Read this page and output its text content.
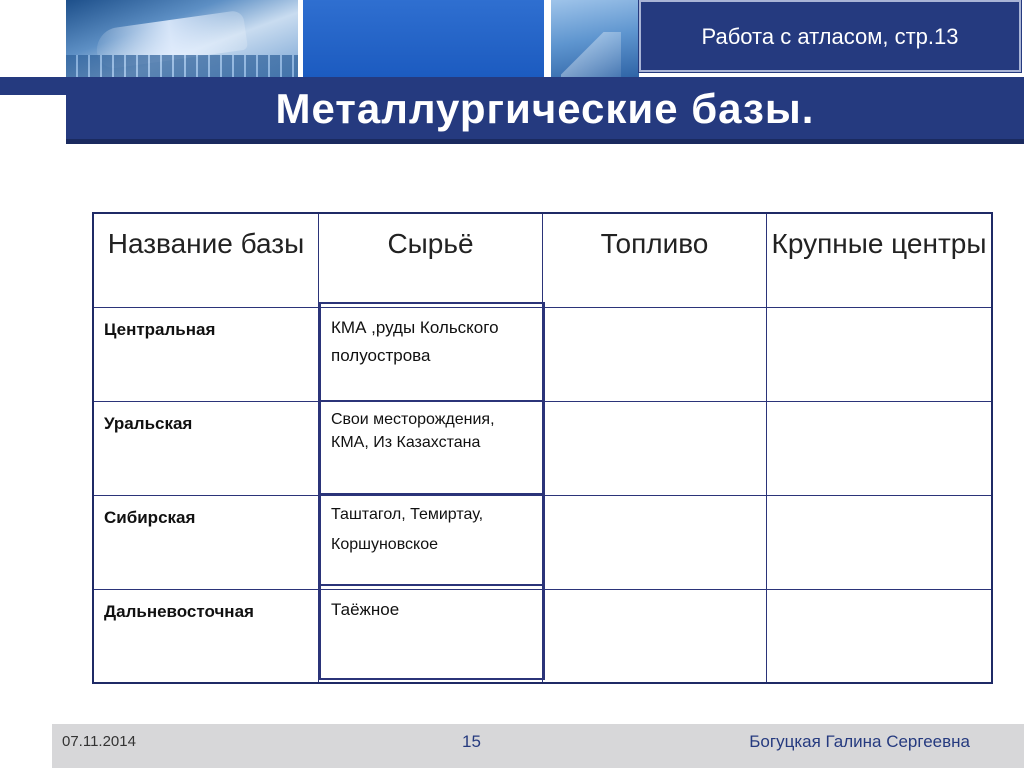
Металлургические базы.
Работа с атласом, стр.13
Название базы	Сырьё	Топливо	Крупные центры
Центральная	КМА ,руды Кольского полуострова
Уральская	Свои месторождения, КМА, Из Казахстана
Сибирская	Таштагол, Темиртау, Коршуновское
Дальневосточная	Таёжное
07.11.2014	15	Богуцкая Галина Сергеевна
